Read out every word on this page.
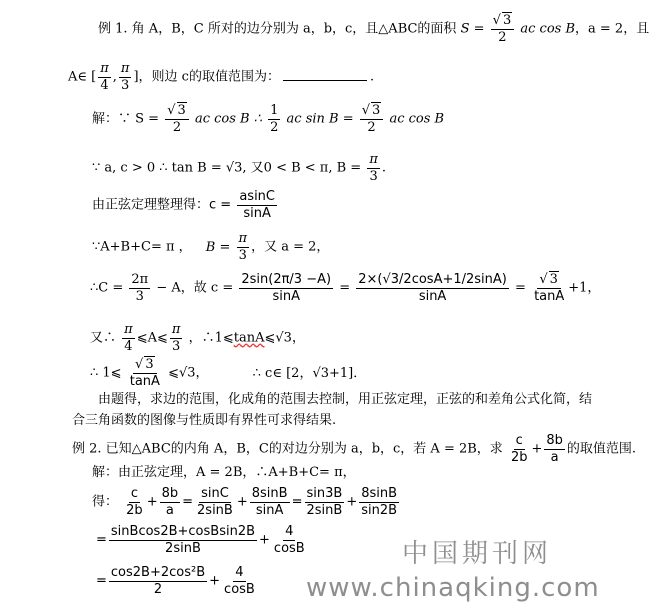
例 1. 角 A，B，C 所对的边分别为 a，b，c，且△ABC的面积 $S = \frac{√ 3}{2}$ ac cos B，a = 2，且
A∈ [ $\frac{\pi}{4}$ , $\frac{\pi}{3}$ ]，则边 c的取值范围为：	.
解：∵ $S = \frac{√ 3}{2}$ ac cos B ∴ $\frac{1}{2}$ ac $\sin B = \frac{√ 3}{2}$ ac cos B
∵ a, c > 0 ∴ tan B = √3, 又0 < B < π, $B = \frac{\pi}{3}$ .
由正弦定理整理得：$c = \frac{asinC}{\sin A}$
∵A+B+C= π ， $B = \frac{\pi}{3}$ ，又 a = 2，
∴C = $\frac{2\pi}{3} - A$，故 $c = \frac{2\sin(2\pi/3 -A)}{\sin A} = \frac{2\times(√3/2\cos A+1/2\sin A)}{\sin A} = \frac{√ 3}{\tan A} +1$，
又∴ $\frac{\pi}{4}$ ⩽A⩽ $\frac{\pi}{3}$ ，∴1⩽tanA⩽√3，
∴ 1⩽ $\frac{√ 3}{\tan A}$ ⩽√3，	∴ c∈ [2，√3+1]．
由题得，求边的范围，化成角的范围去控制，用正弦定理，正弦的和差角公式化简，结
合三角函数的图像与性质即有界性可求得结果.
例 2. 已知△ABC的内角 A，B，C的对边分别为 a，b，c，若 A = 2B，求 $\frac{c}{2b} + \frac{8b}{a}$ 的取值范围.
解：由正弦定理，A = 2B，∴A+B+C= π，
得： $\frac{c}{2b} + \frac{8b}{a} = \frac{\sin C}{2\sin B} + \frac{8\sin B}{\sin A} = \frac{\sin 3B}{2\sin B} + \frac{8\sin B}{\sin 2B}$
= $\frac{\text{sinBcos2B+cosBsin2B}}{2\sin B} + \frac{4}{\cos B}$
= $\frac{\text{cos2B+2cos²B}}{2} + \frac{4}{\cos B}$
中国期刊网
www.chinaqking.com
